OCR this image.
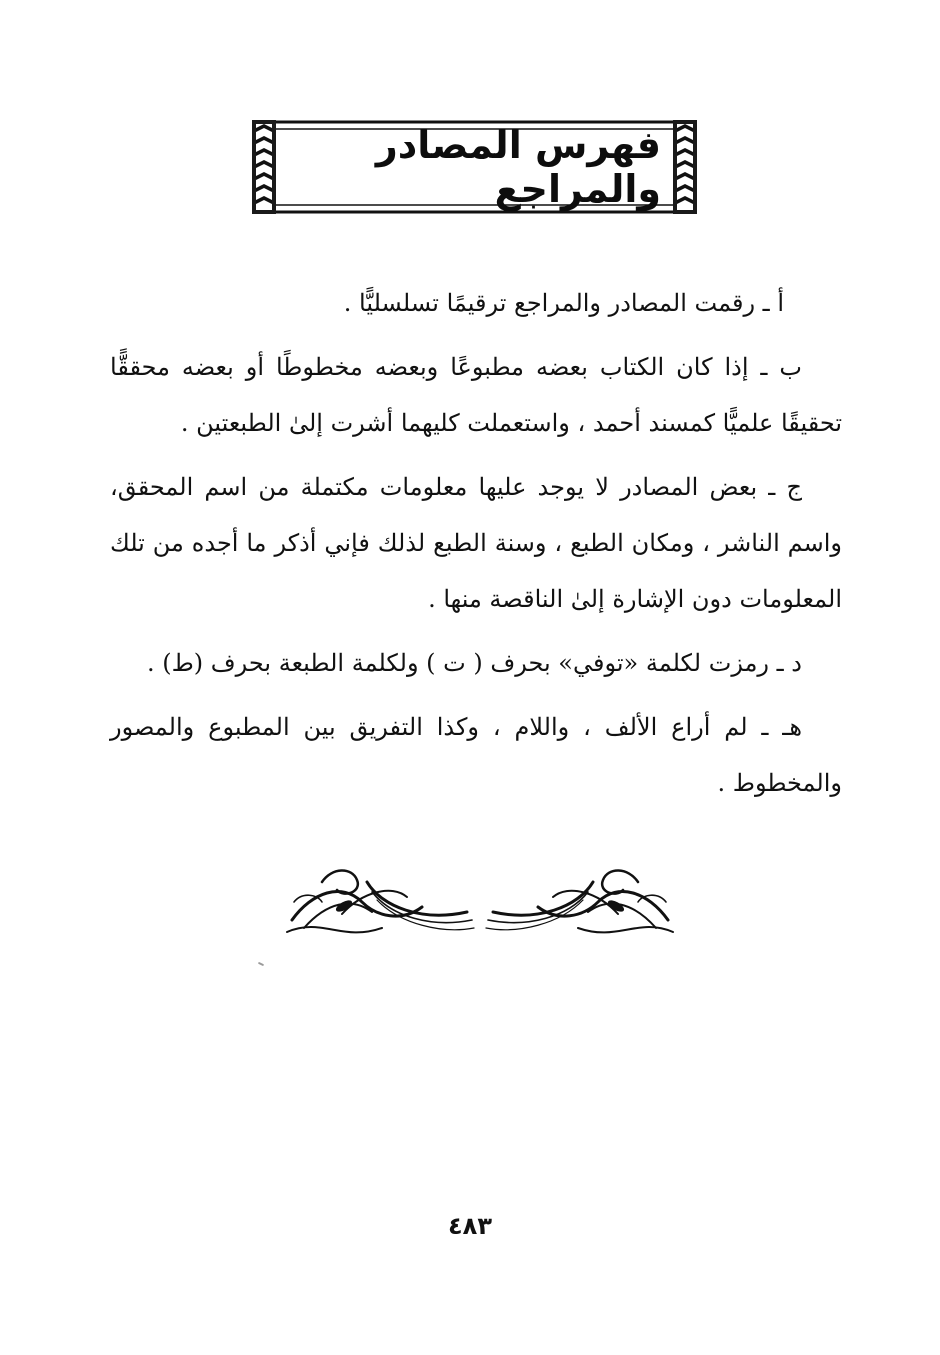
فهرس المصادر والمراجع

أ ـ رقمت المصادر والمراجع ترقيمًا تسلسليًّا .

ب ـ إذا كان الكتاب بعضه مطبوعًا وبعضه مخطوطًا أو بعضه محققًّا تحقيقًا علميًّا كمسند أحمد ، واستعملت كليهما أشرت إلىٰ الطبعتين .

ج ـ بعض المصادر لا يوجد عليها معلومات مكتملة من اسم المحقق، واسم الناشر ، ومكان الطبع ، وسنة الطبع لذلك فإني أذكر ما أجده من تلك المعلومات دون الإشارة إلىٰ الناقصة منها .

د ـ رمزت لكلمة «توفي» بحرف ( ت ) ولكلمة الطبعة بحرف (ط) .

هـ ـ لم أراع الألف ، واللام ، وكذا التفريق بين المطبوع والمصور والمخطوط .

٤٨٣
